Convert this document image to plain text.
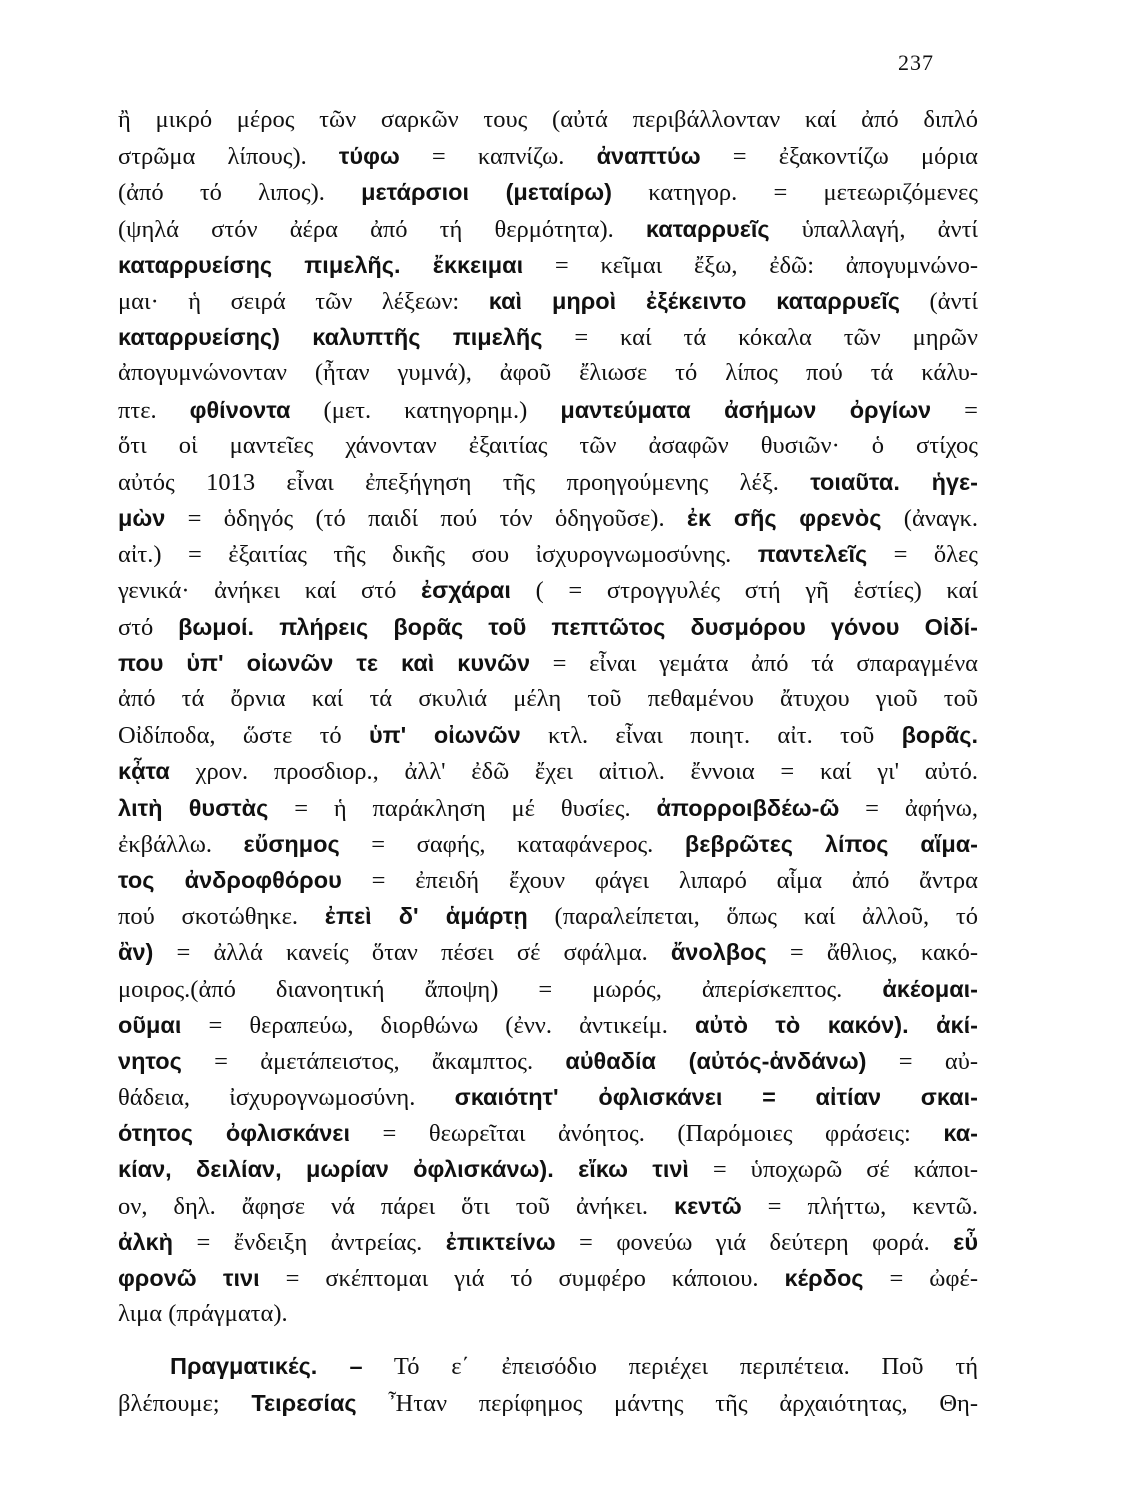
237
ἢ μικρό μέρος τῶν σαρκῶν τους (αὐτά περιβάλλονταν καί ἀπό διπλό
στρῶμα λίπους). τύφω = καπνίζω. ἀναπτύω = ἐξακοντίζω μόρια
(ἀπό τό λιπος). μετάρσιοι (μεταίρω) κατηγορ. = μετεωριζόμενες
(ψηλά στόν ἀέρα ἀπό τή θερμότητα). καταρρυεῖς ὑπαλλαγή, ἀντί
καταρρυείσης πιμελῆς. ἔκκειμαι = κεῖμαι ἔξω, ἐδῶ: ἀπογυμνώνο-
μαι· ἡ σειρά τῶν λέξεων: καὶ μηροὶ ἐξέκειντο καταρρυεῖς (ἀντί
καταρρυείσης) καλυπτῆς πιμελῆς = καί τά κόκαλα τῶν μηρῶν
ἀπογυμνώνονταν (ἦταν γυμνά), ἀφοῦ ἔλιωσε τό λίπος πού τά κάλυ-
πτε. φθίνοντα (μετ. κατηγορημ.) μαντεύματα ἀσήμων ὀργίων =
ὅτι οἱ μαντεῖες χάνονταν ἐξαιτίας τῶν ἀσαφῶν θυσιῶν· ὁ στίχος
αὐτός 1013 εἶναι ἐπεξήγηση τῆς προηγούμενης λέξ. τοιαῦτα. ἡγε-
μὼν = ὁδηγός (τό παιδί πού τόν ὁδηγοῦσε). ἐκ σῆς φρενὸς (ἀναγκ.
αἰτ.) = ἐξαιτίας τῆς δικῆς σου ἰσχυρογνωμοσύνης. παντελεῖς = ὅλες
γενικά· ἀνήκει καί στό ἐσχάραι ( = στρογγυλές στή γῆ ἑστίες) καί
στό βωμοί. πλήρεις βορᾶς τοῦ πεπτῶτος δυσμόρου γόνου Οἰδί-
που ὑπ' οἰωνῶν τε καὶ κυνῶν = εἶναι γεμάτα ἀπό τά σπαραγμένα
ἀπό τά ὄρνια καί τά σκυλιά μέλη τοῦ πεθαμένου ἄτυχου γιοῦ τοῦ
Οἰδίποδα, ὥστε τό ὑπ' οἰωνῶν κτλ. εἶναι ποιητ. αἰτ. τοῦ βορᾶς.
κᾆτα χρον. προσδιορ., ἀλλ' ἐδῶ ἔχει αἰτιολ. ἔννοια = καί γι' αὐτό.
λιτὴ θυστὰς = ἡ παράκληση μέ θυσίες. ἀπορροιβδέω-ῶ = ἀφήνω,
ἐκβάλλω. εὔσημος = σαφής, καταφάνερος. βεβρῶτες λίπος αἵμα-
τος ἀνδροφθόρου = ἐπειδή ἔχουν φάγει λιπαρό αἷμα ἀπό ἄντρα
πού σκοτώθηκε. ἐπεὶ δ' ἁμάρτῃ (παραλείπεται, ὅπως καί ἀλλοῦ, τό
ἂν) = ἀλλά κανείς ὅταν πέσει σέ σφάλμα. ἄνολβος = ἄθλιος, κακό-
μοιρος.(ἀπό διανοητική ἄποψη) = μωρός, ἀπερίσκεπτος. ἀκέομαι-
οῦμαι = θεραπεύω, διορθώνω (ἐνν. ἀντικείμ. αὐτὸ τὸ κακόν). ἀκί-
νητος = ἀμετάπειστος, ἄκαμπτος. αὐθαδία (αὐτός-ἁνδάνω) = αὐ-
θάδεια, ἰσχυρογνωμοσύνη. σκαιότητ' ὀφλισκάνει = αἰτίαν σκαι-
ότητος ὀφλισκάνει = θεωρεῖται ἀνόητος. (Παρόμοιες φράσεις: κα-
κίαν, δειλίαν, μωρίαν ὀφλισκάνω). εἴκω τινὶ = ὑποχωρῶ σέ κάποι-
ον, δηλ. ἄφησε νά πάρει ὅτι τοῦ ἀνήκει. κεντῶ = πλήττω, κεντῶ.
ἀλκὴ = ἔνδειξη ἀντρείας. ἐπικτείνω = φονεύω γιά δεύτερη φορά. εὖ
φρονῶ τινι = σκέπτομαι γιά τό συμφέρο κάποιου. κέρδος = ὠφέ-
λιμα (πράγματα).
Πραγματικές. – Τό ε΄ ἐπεισόδιο περιέχει περιπέτεια. Ποῦ τή
βλέπουμε; Τειρεσίας Ἦταν περίφημος μάντης τῆς ἀρχαιότητας, Θη-
